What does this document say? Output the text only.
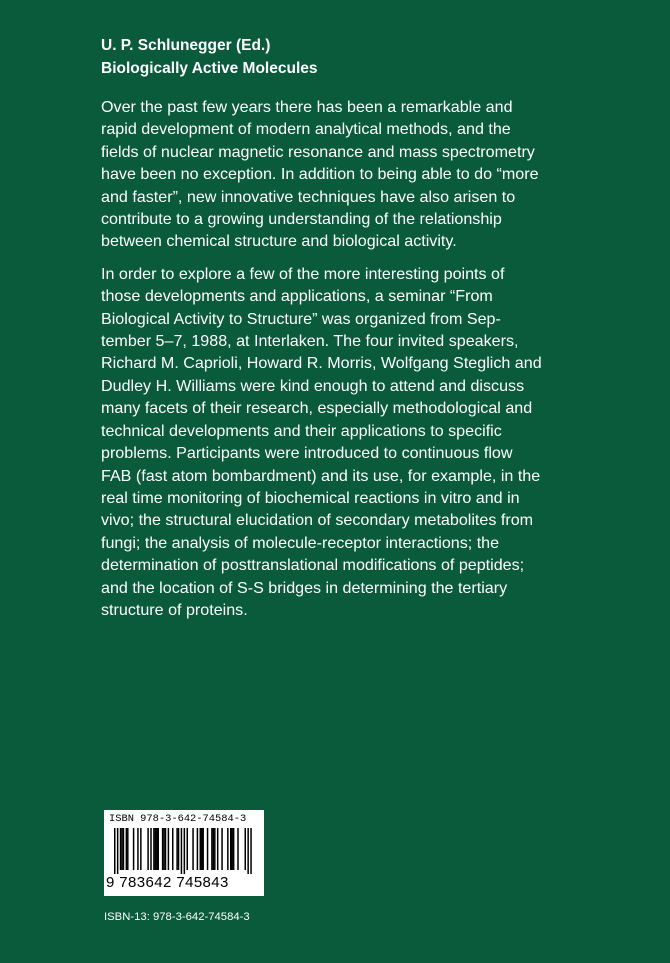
U. P. Schlunegger (Ed.)
Biologically Active Molecules

Over the past few years there has been a remarkable and
rapid development of modern analytical methods, and the
fields of nuclear magnetic resonance and mass spectrometry
have been no exception. In addition to being able to do “more
and faster”, new innovative techniques have also arisen to
contribute to a growing understanding of the relationship
between chemical structure and biological activity.

In order to explore a few of the more interesting points of
those developments and applications, a seminar “From
Biological Activity to Structure” was organized from Sep-
tember 5–7, 1988, at Interlaken. The four invited speakers,
Richard M. Caprioli, Howard R. Morris, Wolfgang Steglich and
Dudley H. Williams were kind enough to attend and discuss
many facets of their research, especially methodological and
technical developments and their applications to specific
problems. Participants were introduced to continuous flow
FAB (fast atom bombardment) and its use, for example, in the
real time monitoring of biochemical reactions in vitro and in
vivo; the structural elucidation of secondary metabolites from
fungi; the analysis of molecule-receptor interactions; the
determination of posttranslational modifications of peptides;
and the location of S-S bridges in determining the tertiary
structure of proteins.

ISBN 978-3-642-74584-3
9 783642 745843
ISBN-13: 978-3-642-74584-3
